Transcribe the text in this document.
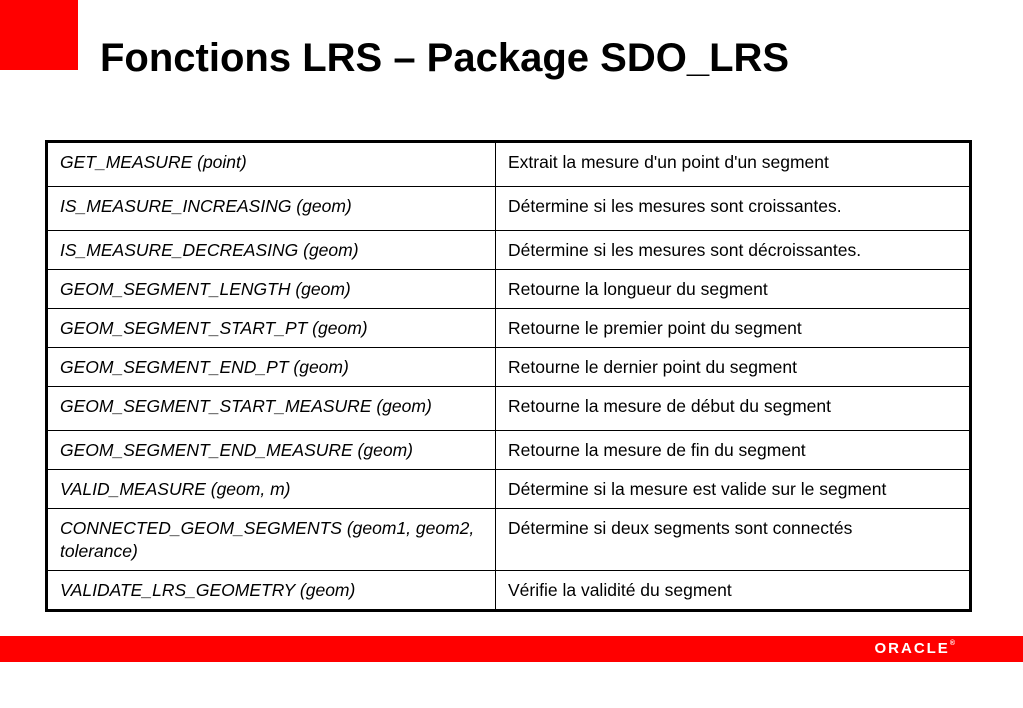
Fonctions LRS – Package SDO_LRS
GET_MEASURE (point)	Extrait la mesure d'un point d'un segment
IS_MEASURE_INCREASING (geom)	Détermine si les mesures sont croissantes.
IS_MEASURE_DECREASING (geom)	Détermine si les mesures sont décroissantes.
GEOM_SEGMENT_LENGTH (geom)	Retourne la longueur du segment
GEOM_SEGMENT_START_PT (geom)	Retourne le premier point du segment
GEOM_SEGMENT_END_PT (geom)	Retourne le dernier point du segment
GEOM_SEGMENT_START_MEASURE (geom)	Retourne la mesure de début du segment
GEOM_SEGMENT_END_MEASURE (geom)	Retourne la mesure de fin du segment
VALID_MEASURE (geom, m)	Détermine si la mesure est valide sur le segment
CONNECTED_GEOM_SEGMENTS (geom1, geom2, tolerance)	Détermine si deux segments sont connectés
VALIDATE_LRS_GEOMETRY (geom)	Vérifie la validité du segment
ORACLE®
